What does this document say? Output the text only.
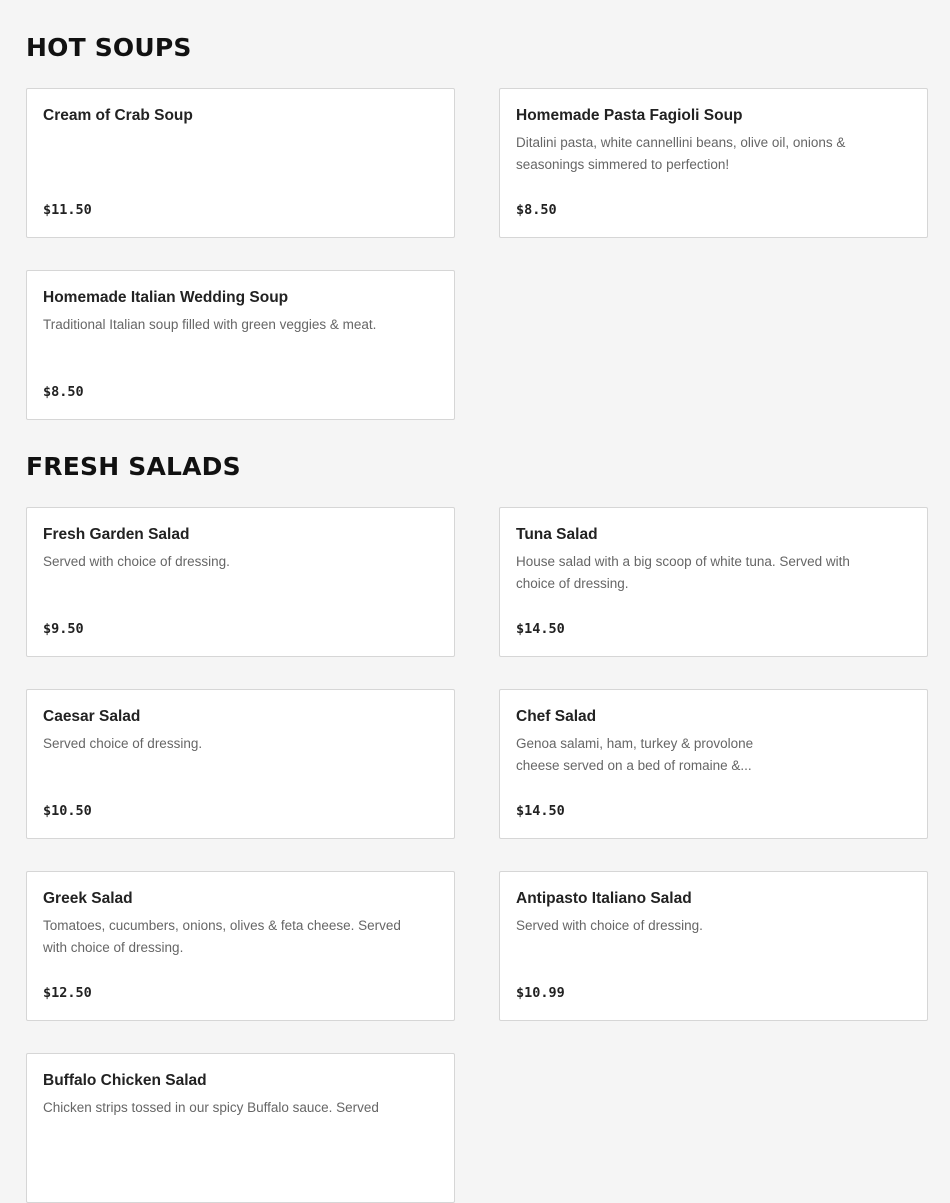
HOT SOUPS
Cream of Crab Soup
$11.50
Homemade Pasta Fagioli Soup
Ditalini pasta, white cannellini beans, olive oil, onions & seasonings simmered to perfection!
$8.50
Homemade Italian Wedding Soup
Traditional Italian soup filled with green veggies & meat.
$8.50
FRESH SALADS
Fresh Garden Salad
Served with choice of dressing.
$9.50
Tuna Salad
House salad with a big scoop of white tuna. Served with choice of dressing.
$14.50
Caesar Salad
Served choice of dressing.
$10.50
Chef Salad
Genoa salami, ham, turkey & provolone cheese served on a bed of romaine &...
$14.50
Greek Salad
Tomatoes, cucumbers, onions, olives & feta cheese. Served with choice of dressing.
$12.50
Antipasto Italiano Salad
Served with choice of dressing.
$10.99
Buffalo Chicken Salad
Chicken strips tossed in our spicy Buffalo sauce. Served
